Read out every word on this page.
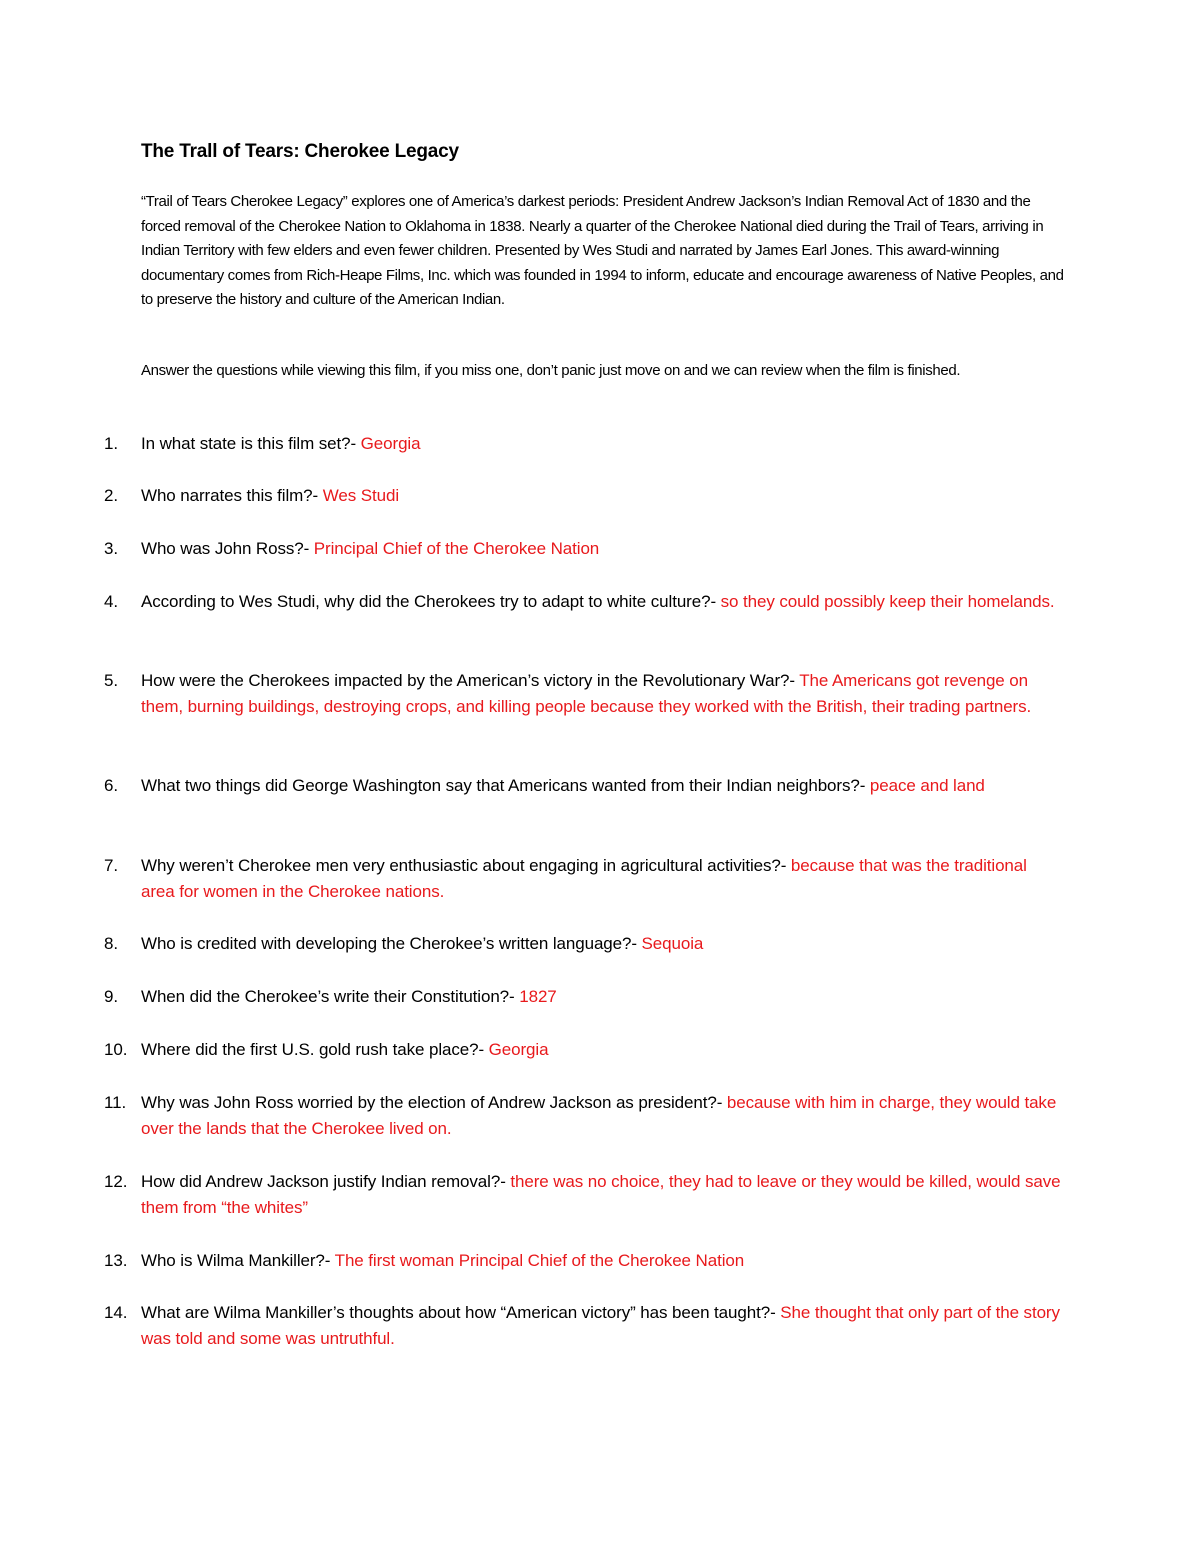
The Trall of Tears: Cherokee Legacy
“Trail of Tears Cherokee Legacy” explores one of America’s darkest periods: President Andrew Jackson’s Indian Removal Act of 1830 and the forced removal of the Cherokee Nation to Oklahoma in 1838. Nearly a quarter of the Cherokee National died during the Trail of Tears, arriving in Indian Territory with few elders and even fewer children. Presented by Wes Studi and narrated by James Earl Jones. This award-winning documentary comes from Rich-Heape Films, Inc. which was founded in 1994 to inform, educate and encourage awareness of Native Peoples, and to preserve the history and culture of the American Indian.
Answer the questions while viewing this film, if you miss one, don’t panic just move on and we can review when the film is finished.
1.	In what state is this film set?- Georgia
2.	Who narrates this film?- Wes Studi
3.	Who was John Ross?- Principal Chief of the Cherokee Nation
4.	According to Wes Studi, why did the Cherokees try to adapt to white culture?- so they could possibly keep their homelands.
5.	How were the Cherokees impacted by the American’s victory in the Revolutionary War?- The Americans got revenge on them, burning buildings, destroying crops, and killing people because they worked with the British, their trading partners.
6.	What two things did George Washington say that Americans wanted from their Indian neighbors?- peace and land
7.	Why weren’t Cherokee men very enthusiastic about engaging in agricultural activities?- because that was the traditional area for women in the Cherokee nations.
8.	Who is credited with developing the Cherokee’s written language?- Sequoia
9.	When did the Cherokee’s write their Constitution?- 1827
10. Where did the first U.S. gold rush take place?- Georgia
11. Why was John Ross worried by the election of Andrew Jackson as president?- because with him in charge, they would take over the lands that the Cherokee lived on.
12. How did Andrew Jackson justify Indian removal?- there was no choice, they had to leave or they would be killed, would save them from “the whites”
13. Who is Wilma Mankiller?- The first woman Principal Chief of the Cherokee Nation
14. What are Wilma Mankiller’s thoughts about how “American victory” has been taught?- She thought that only part of the story was told and some was untruthful.
